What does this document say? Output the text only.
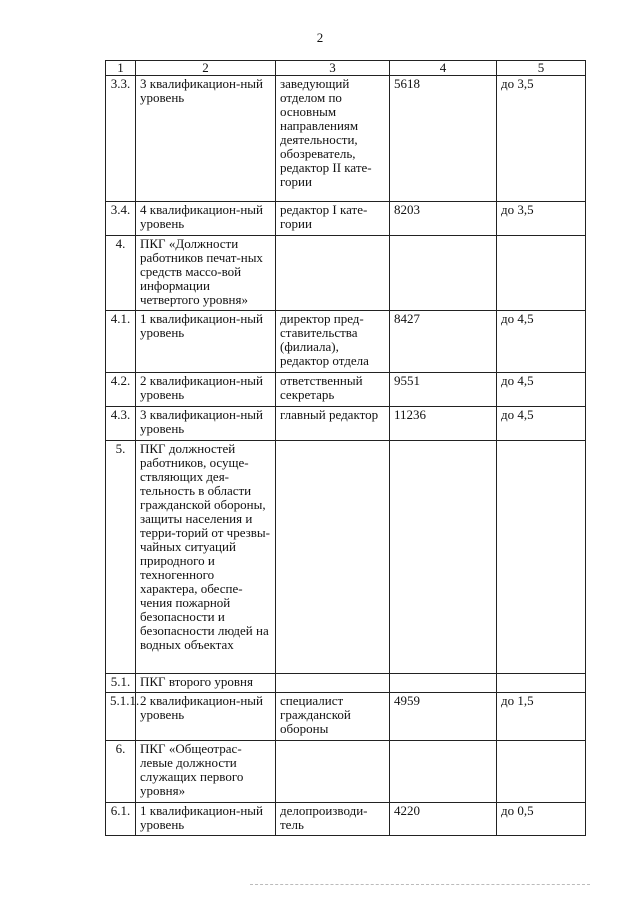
2
1	2	3	4	5
3.3.	3 квалификацион-ный уровень	заведующий отделом по основным направлениям деятельности, обозреватель, редактор II кате-гории	5618	до 3,5
3.4.	4 квалификацион-ный уровень	редактор I кате-гории	8203	до 3,5
4.	ПКГ «Должности работников печат-ных средств массо-вой информации четвертого уровня»			
4.1.	1 квалификацион-ный уровень	директор пред-ставительства (филиала), редактор отдела	8427	до 4,5
4.2.	2 квалификацион-ный уровень	ответственный секретарь	9551	до 4,5
4.3.	3 квалификацион-ный уровень	главный редактор	11236	до 4,5
5.	ПКГ должностей работников, осуще-ствляющих дея-тельность в области гражданской обороны, защиты населения и терри-торий от чрезвы-чайных ситуаций природного и техногенного характера, обеспе-чения пожарной безопасности и безопасности людей на водных объектах			
5.1.	ПКГ второго уровня			
5.1.1.	2 квалификацион-ный уровень	специалист гражданской обороны	4959	до 1,5
6.	ПКГ «Общеотрас-левые должности служащих первого уровня»			
6.1.	1 квалификацион-ный уровень	делопроизводи-тель	4220	до 0,5
